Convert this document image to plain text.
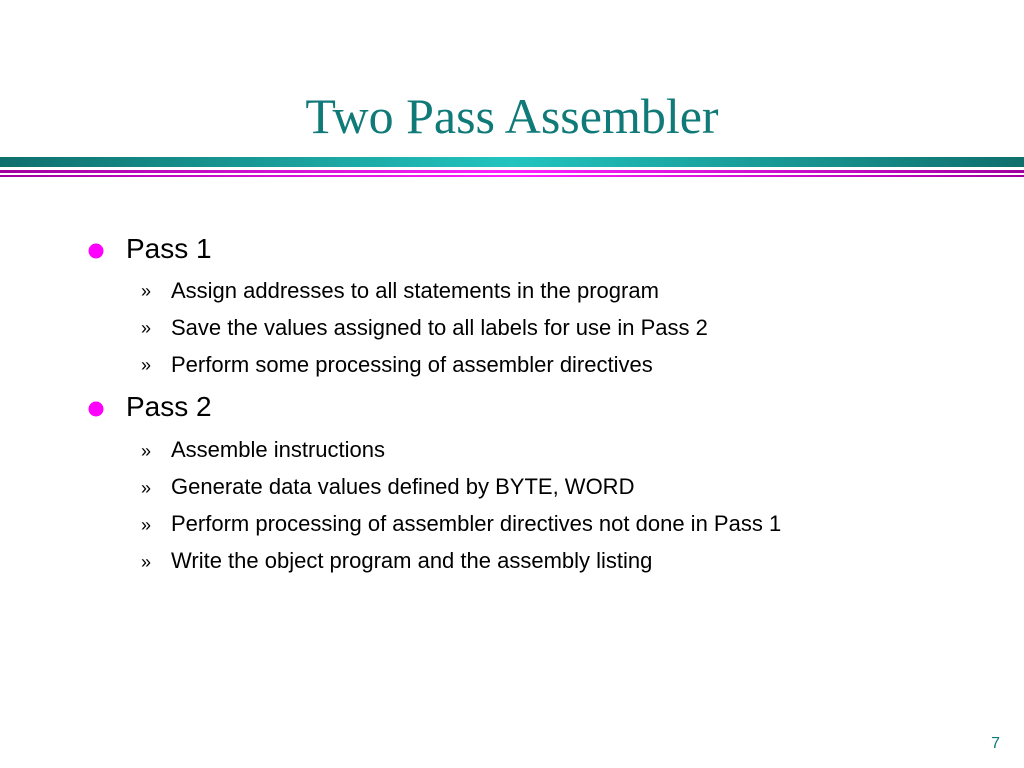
Two Pass Assembler
Pass 1
» Assign addresses to all statements in the program
» Save the values assigned to all labels for use in Pass 2
» Perform some processing of assembler directives
Pass 2
» Assemble instructions
» Generate data values defined by BYTE, WORD
» Perform processing of assembler directives not done in Pass 1
» Write the object program and the assembly listing
7
